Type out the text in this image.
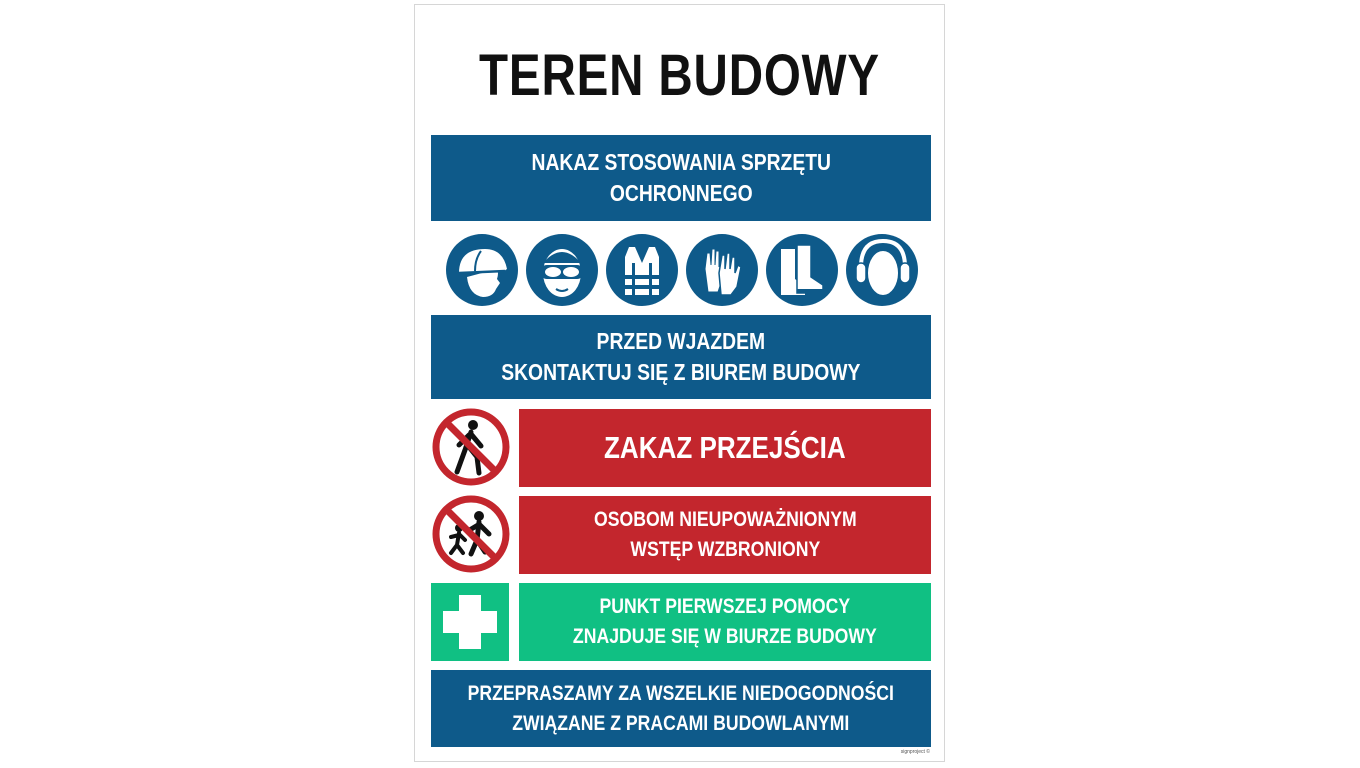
TEREN BUDOWY
NAKAZ STOSOWANIA SPRZĘTU
OCHRONNEGO
PRZED WJAZDEM
SKONTAKTUJ SIĘ Z BIUREM BUDOWY
ZAKAZ PRZEJŚCIA
OSOBOM NIEUPOWAŻNIONYM
WSTĘP WZBRONIONY
PUNKT PIERWSZEJ POMOCY
ZNAJDUJE SIĘ W BIURZE BUDOWY
PRZEPRASZAMY ZA WSZELKIE NIEDOGODNOŚCI
ZWIĄZANE Z PRACAMI BUDOWLANYMI
signproject ©
